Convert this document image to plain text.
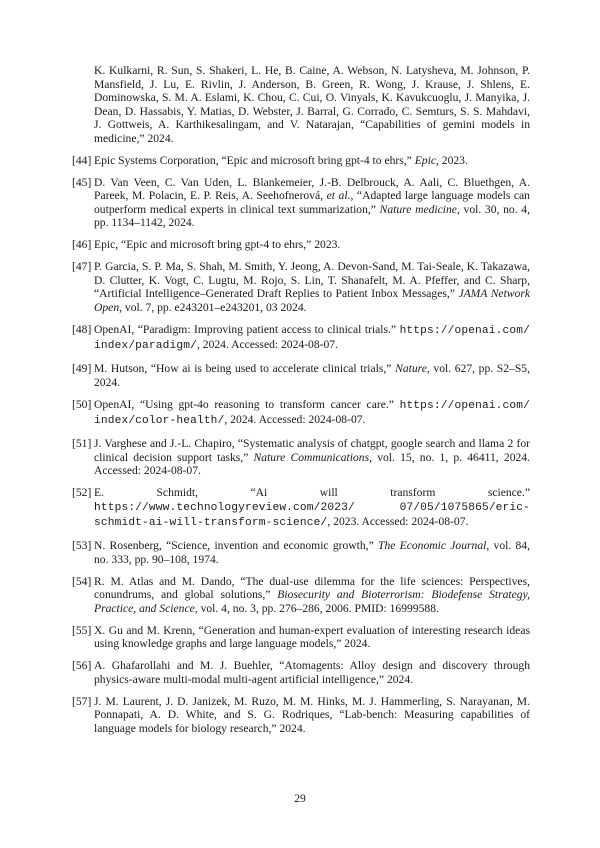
K. Kulkarni, R. Sun, S. Shakeri, L. He, B. Caine, A. Webson, N. Latysheva, M. Johnson, P. Mansfield, J. Lu, E. Rivlin, J. Anderson, B. Green, R. Wong, J. Krause, J. Shlens, E. Dominowska, S. M. A. Eslami, K. Chou, C. Cui, O. Vinyals, K. Kavukcuoglu, J. Manyika, J. Dean, D. Hassabis, Y. Matias, D. Webster, J. Barral, G. Corrado, C. Semturs, S. S. Mahdavi, J. Gottweis, A. Karthikesalingam, and V. Natarajan, “Capabilities of gemini models in medicine,” 2024.
[44] Epic Systems Corporation, “Epic and microsoft bring gpt-4 to ehrs,” Epic, 2023.
[45] D. Van Veen, C. Van Uden, L. Blankemeier, J.-B. Delbrouck, A. Aali, C. Bluethgen, A. Pareek, M. Polacin, E. P. Reis, A. Seehofnerová, et al., “Adapted large language models can outperform medical experts in clinical text summarization,” Nature medicine, vol. 30, no. 4, pp. 1134–1142, 2024.
[46] Epic, “Epic and microsoft bring gpt-4 to ehrs,” 2023.
[47] P. Garcia, S. P. Ma, S. Shah, M. Smith, Y. Jeong, A. Devon-Sand, M. Tai-Seale, K. Takazawa, D. Clutter, K. Vogt, C. Lugtu, M. Rojo, S. Lin, T. Shanafelt, M. A. Pfeffer, and C. Sharp, “Artificial Intelligence–Generated Draft Replies to Patient Inbox Messages,” JAMA Network Open, vol. 7, pp. e243201–e243201, 03 2024.
[48] OpenAI, “Paradigm: Improving patient access to clinical trials.” https://openai.com/ index/paradigm/, 2024. Accessed: 2024-08-07.
[49] M. Hutson, “How ai is being used to accelerate clinical trials,” Nature, vol. 627, pp. S2–S5, 2024.
[50] OpenAI, “Using gpt-4o reasoning to transform cancer care.” https://openai.com/ index/color-health/, 2024. Accessed: 2024-08-07.
[51] J. Varghese and J.-L. Chapiro, “Systematic analysis of chatgpt, google search and llama 2 for clinical decision support tasks,” Nature Communications, vol. 15, no. 1, p. 46411, 2024. Accessed: 2024-08-07.
[52] E. Schmidt, “Ai will transform science.” https://www.technologyreview.com/2023/ 07/05/1075865/eric-schmidt-ai-will-transform-science/, 2023. Accessed: 2024-08-07.
[53] N. Rosenberg, “Science, invention and economic growth,” The Economic Journal, vol. 84, no. 333, pp. 90–108, 1974.
[54] R. M. Atlas and M. Dando, “The dual-use dilemma for the life sciences: Perspectives, conundrums, and global solutions,” Biosecurity and Bioterrorism: Biodefense Strategy, Practice, and Science, vol. 4, no. 3, pp. 276–286, 2006. PMID: 16999588.
[55] X. Gu and M. Krenn, “Generation and human-expert evaluation of interesting research ideas using knowledge graphs and large language models,” 2024.
[56] A. Ghafarollahi and M. J. Buehler, “Atomagents: Alloy design and discovery through physics-aware multi-modal multi-agent artificial intelligence,” 2024.
[57] J. M. Laurent, J. D. Janizek, M. Ruzo, M. M. Hinks, M. J. Hammerling, S. Narayanan, M. Ponnapati, A. D. White, and S. G. Rodriques, “Lab-bench: Measuring capabilities of language models for biology research,” 2024.
29
